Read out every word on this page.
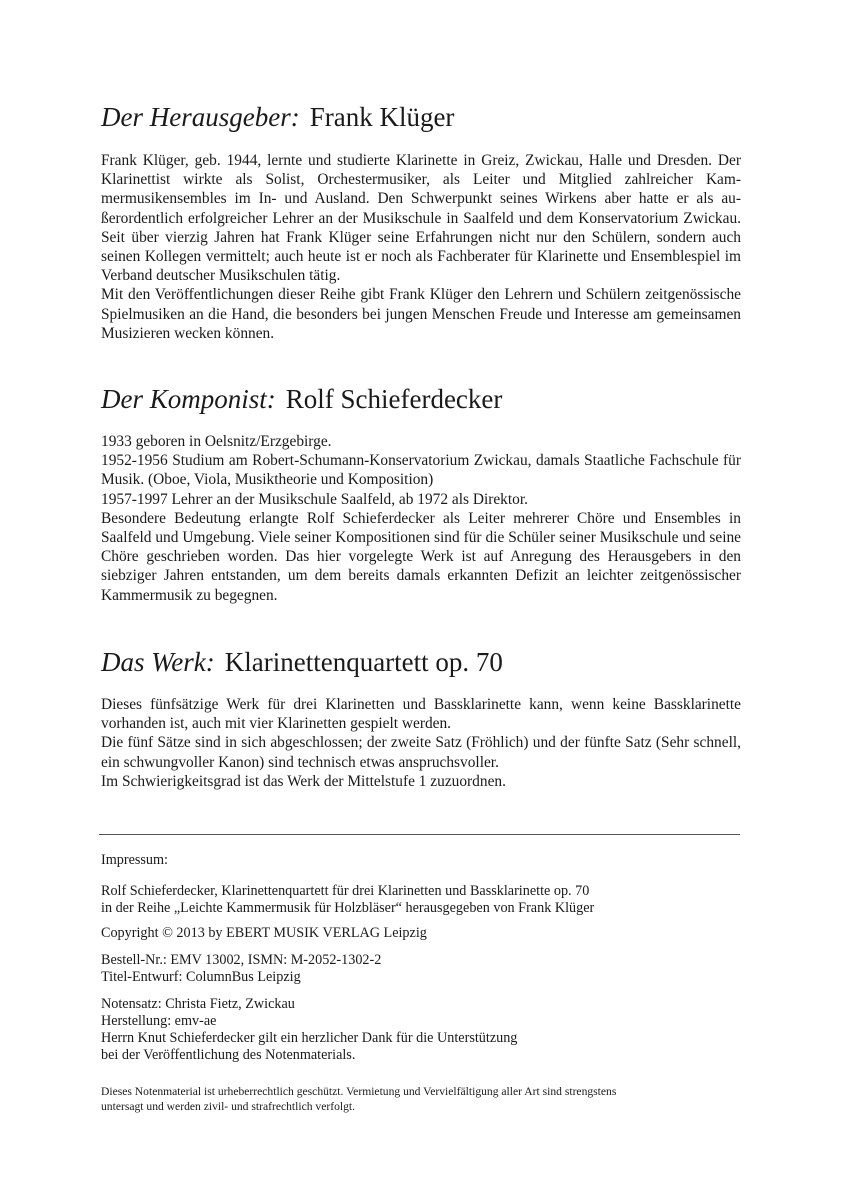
Der Herausgeber: Frank Klüger

Frank Klüger, geb. 1944, lernte und studierte Klarinette in Greiz, Zwickau, Halle und Dresden. Der Klarinettist wirkte als Solist, Orchestermusiker, als Leiter und Mitglied zahlreicher Kammermusikensembles im In- und Ausland. Den Schwerpunkt seines Wirkens aber hatte er als außerordentlich erfolgreicher Lehrer an der Musikschule in Saalfeld und dem Konservatorium Zwickau. Seit über vierzig Jahren hat Frank Klüger seine Erfahrungen nicht nur den Schülern, sondern auch seinen Kollegen vermittelt; auch heute ist er noch als Fachberater für Klarinette und Ensemblespiel im Verband deutscher Musikschulen tätig.

Mit den Veröffentlichungen dieser Reihe gibt Frank Klüger den Lehrern und Schülern zeitgenössische Spielmusiken an die Hand, die besonders bei jungen Menschen Freude und Interesse am gemeinsamen Musizieren wecken können.

Der Komponist: Rolf Schieferdecker

1933 geboren in Oelsnitz/Erzgebirge.

1952-1956 Studium am Robert-Schumann-Konservatorium Zwickau, damals Staatliche Fachschule für Musik. (Oboe, Viola, Musiktheorie und Komposition)

1957-1997 Lehrer an der Musikschule Saalfeld, ab 1972 als Direktor.

Besondere Bedeutung erlangte Rolf Schieferdecker als Leiter mehrerer Chöre und Ensembles in Saalfeld und Umgebung. Viele seiner Kompositionen sind für die Schüler seiner Musikschule und seine Chöre geschrieben worden. Das hier vorgelegte Werk ist auf Anregung des Herausgebers in den siebziger Jahren entstanden, um dem bereits damals erkannten Defizit an leichter zeitgenössischer Kammermusik zu begegnen.

Das Werk: Klarinettenquartett op. 70

Dieses fünfsätzige Werk für drei Klarinetten und Bassklarinette kann, wenn keine Bassklarinette vorhanden ist, auch mit vier Klarinetten gespielt werden.

Die fünf Sätze sind in sich abgeschlossen; der zweite Satz (Fröhlich) und der fünfte Satz (Sehr schnell, ein schwungvoller Kanon) sind technisch etwas anspruchsvoller.

Im Schwierigkeitsgrad ist das Werk der Mittelstufe 1 zuzuordnen.

Impressum:

Rolf Schieferdecker, Klarinettenquartett für drei Klarinetten und Bassklarinette op. 70

in der Reihe „Leichte Kammermusik für Holzbläser“ herausgegeben von Frank Klüger

Copyright © 2013 by EBERT MUSIK VERLAG Leipzig

Bestell-Nr.: EMV 13002, ISMN: M-2052-1302-2

Titel-Entwurf: ColumnBus Leipzig

Notensatz: Christa Fietz, Zwickau

Herstellung: emv-ae

Herrn Knut Schieferdecker gilt ein herzlicher Dank für die Unterstützung

bei der Veröffentlichung des Notenmaterials.

Dieses Notenmaterial ist urheberrechtlich geschützt. Vermietung und Vervielfältigung aller Art sind strengstens

untersagt und werden zivil- und strafrechtlich verfolgt.
